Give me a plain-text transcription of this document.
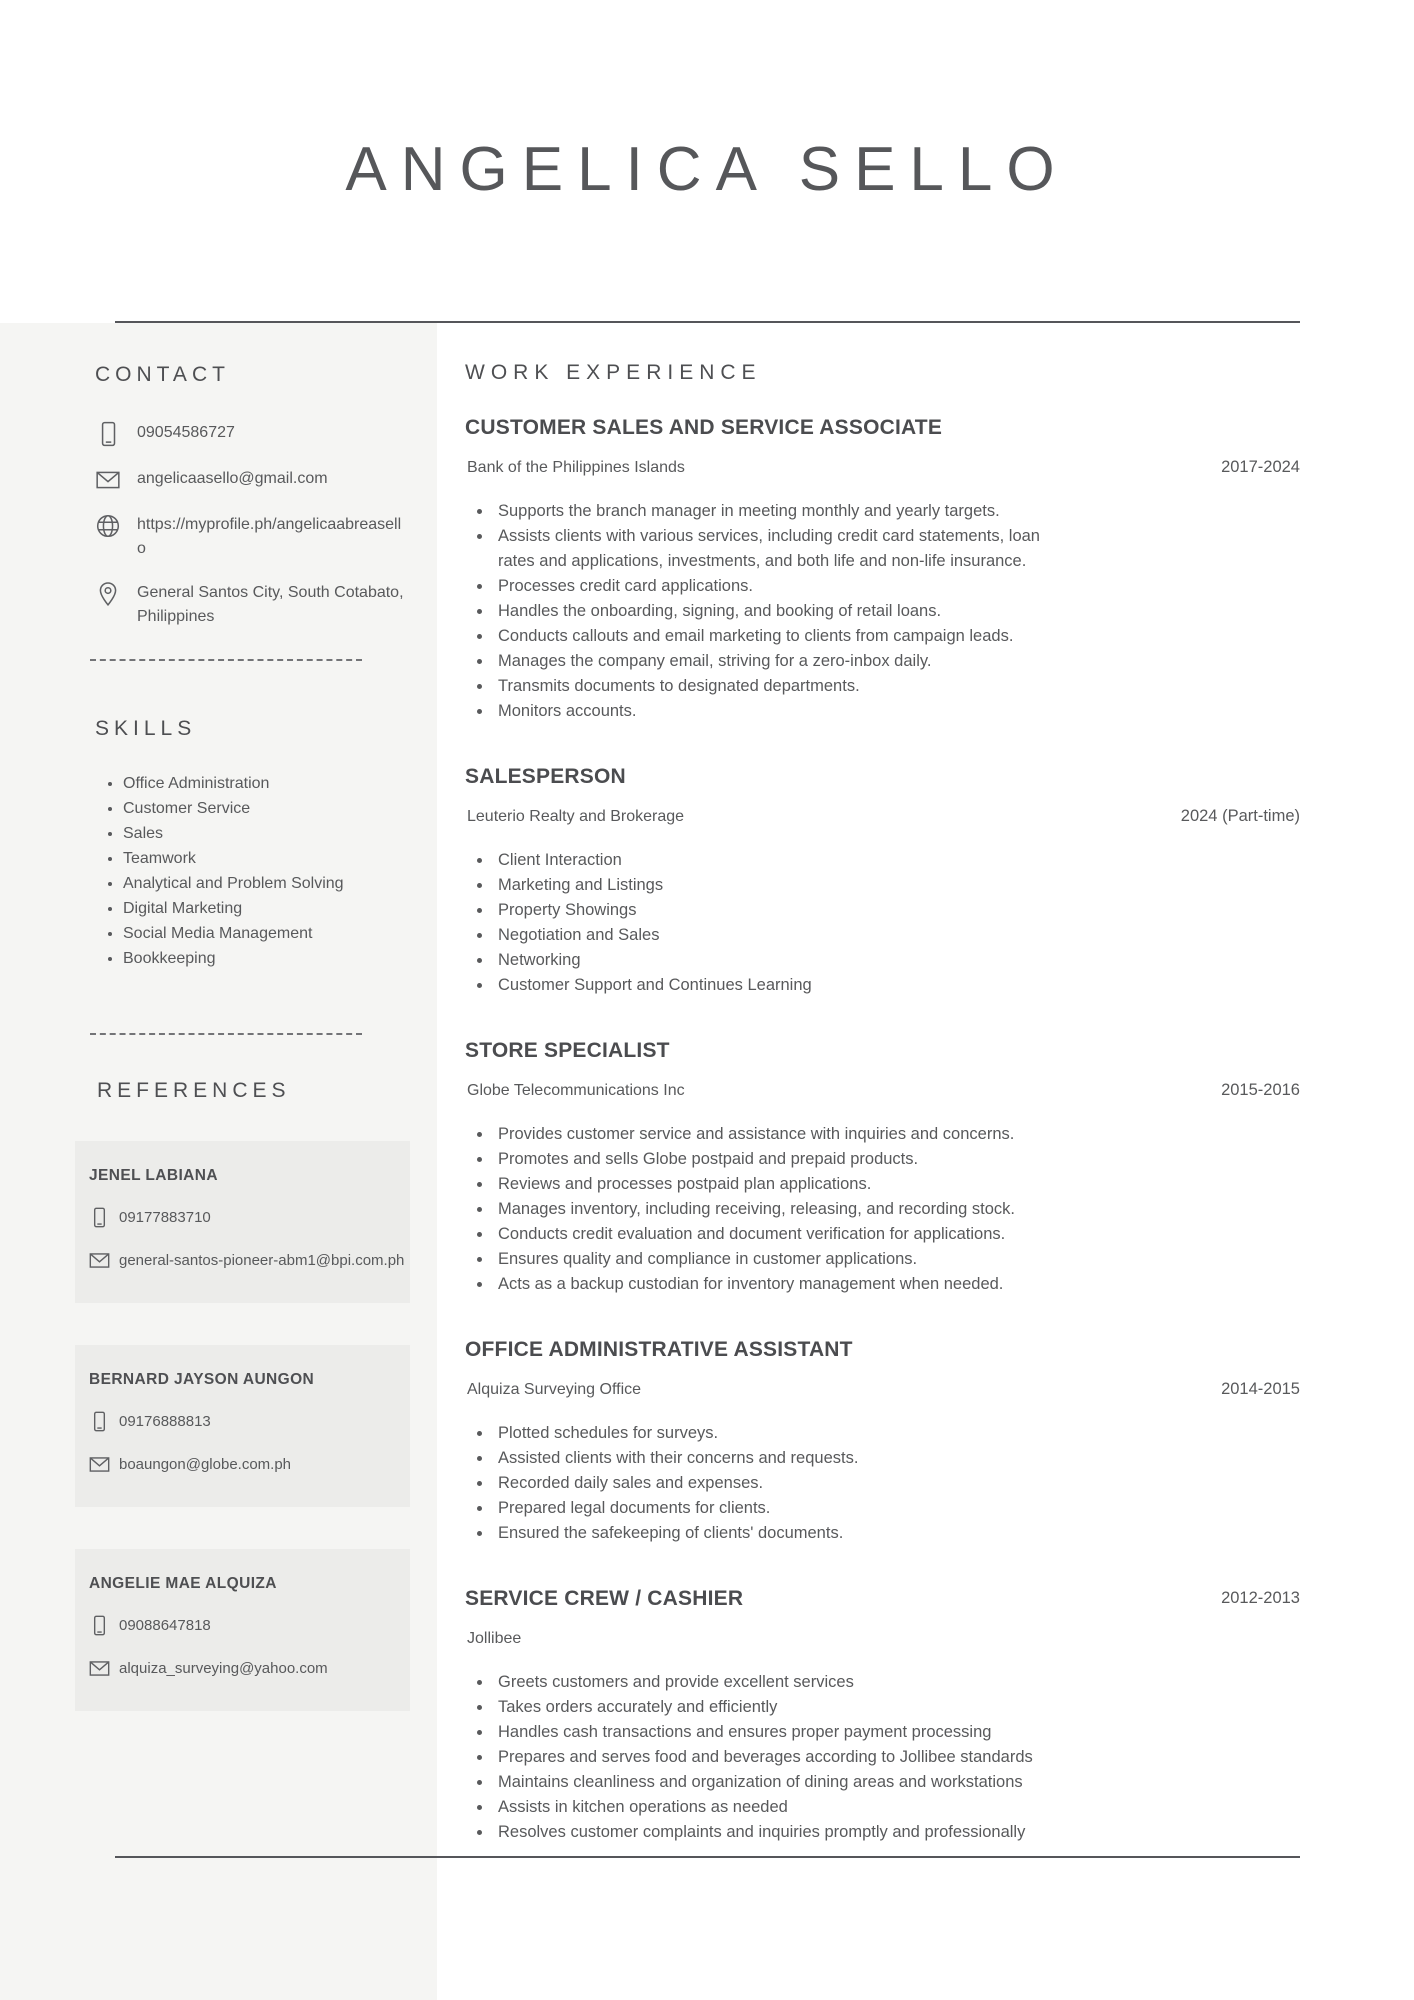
ANGELICA SELLO
CONTACT
09054586727
angelicaasello@gmail.com
https://myprofile.ph/angelicaabreasello
General Santos City, South Cotabato, Philippines
SKILLS
• Office Administration
• Customer Service
• Sales
• Teamwork
• Analytical and Problem Solving
• Digital Marketing
• Social Media Management
• Bookkeeping
REFERENCES
JENEL LABIANA
09177883710
general-santos-pioneer-abm1@bpi.com.ph
BERNARD JAYSON AUNGON
09176888813
boaungon@globe.com.ph
ANGELIE MAE ALQUIZA
09088647818
alquiza_surveying@yahoo.com
WORK EXPERIENCE
CUSTOMER SALES AND SERVICE ASSOCIATE
Bank of the Philippines Islands	2017-2024
• Supports the branch manager in meeting monthly and yearly targets.
• Assists clients with various services, including credit card statements, loan rates and applications, investments, and both life and non-life insurance.
• Processes credit card applications.
• Handles the onboarding, signing, and booking of retail loans.
• Conducts callouts and email marketing to clients from campaign leads.
• Manages the company email, striving for a zero-inbox daily.
• Transmits documents to designated departments.
• Monitors accounts.
SALESPERSON
Leuterio Realty and Brokerage	2024 (Part-time)
• Client Interaction
• Marketing and Listings
• Property Showings
• Negotiation and Sales
• Networking
• Customer Support and Continues Learning
STORE SPECIALIST
Globe Telecommunications Inc	2015-2016
• Provides customer service and assistance with inquiries and concerns.
• Promotes and sells Globe postpaid and prepaid products.
• Reviews and processes postpaid plan applications.
• Manages inventory, including receiving, releasing, and recording stock.
• Conducts credit evaluation and document verification for applications.
• Ensures quality and compliance in customer applications.
• Acts as a backup custodian for inventory management when needed.
OFFICE ADMINISTRATIVE ASSISTANT
Alquiza Surveying Office	2014-2015
• Plotted schedules for surveys.
• Assisted clients with their concerns and requests.
• Recorded daily sales and expenses.
• Prepared legal documents for clients.
• Ensured the safekeeping of clients' documents.
SERVICE CREW / CASHIER
Jollibee
2012-2013
• Greets customers and provide excellent services
• Takes orders accurately and efficiently
• Handles cash transactions and ensures proper payment processing
• Prepares and serves food and beverages according to Jollibee standards
• Maintains cleanliness and organization of dining areas and workstations
• Assists in kitchen operations as needed
• Resolves customer complaints and inquiries promptly and professionally
